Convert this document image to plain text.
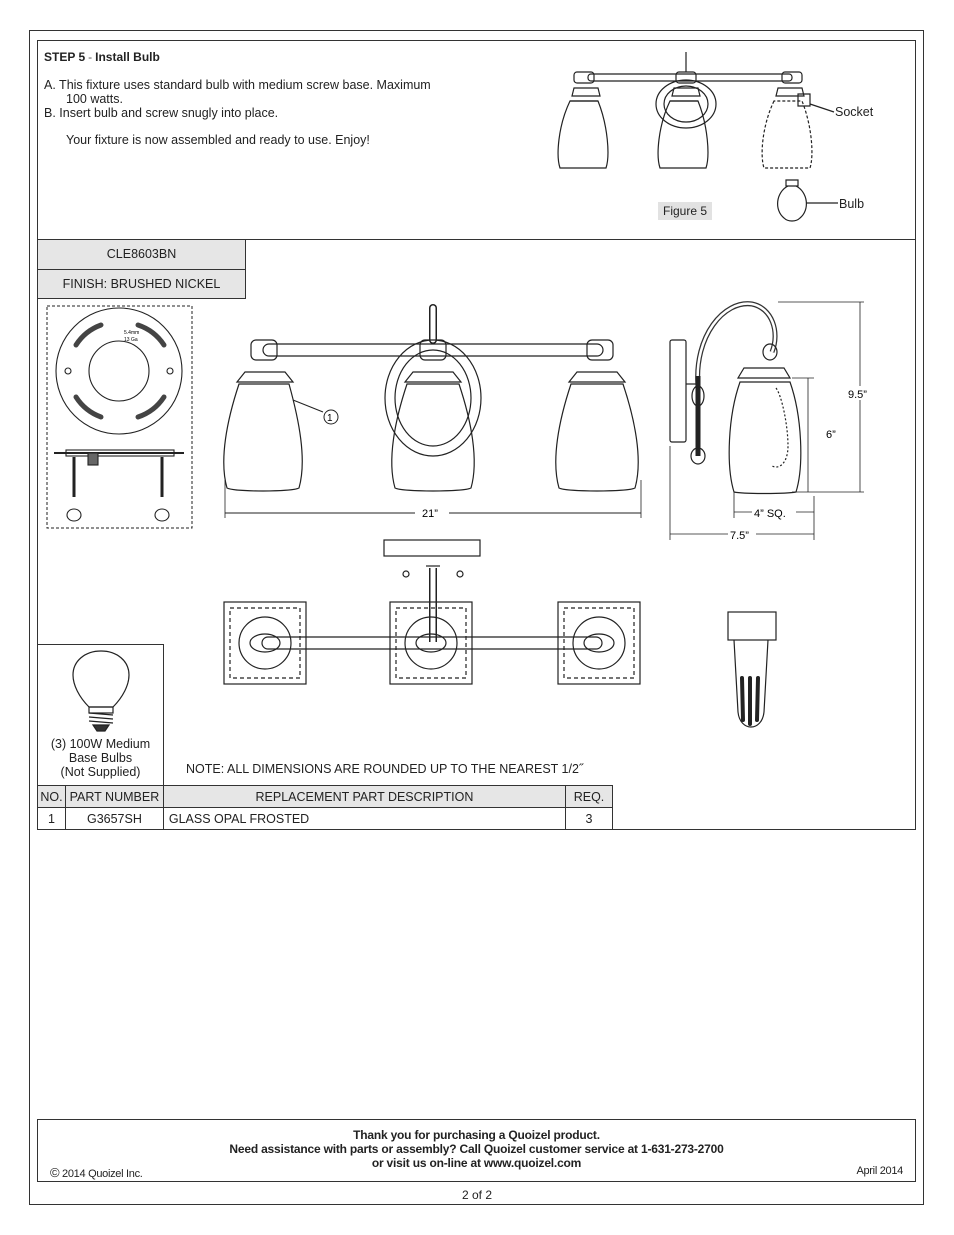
STEP 5 - Install Bulb
A. This fixture uses standard bulb with medium screw base. Maximum
100 watts.
B. Insert bulb and screw snugly into place.
Your fixture is now assembled and ready to use. Enjoy!
Socket
Bulb
Figure 5
CLE8603BN
FINISH: BRUSHED NICKEL
5.4mm
13 Ga
1
21”
9.5”
6”
4” SQ.
7.5”
(3) 100W Medium
Base Bulbs
(Not Supplied)	NOTE: ALL DIMENSIONS ARE ROUNDED UP TO THE NEAREST 1/2˝
NO.	PART NUMBER	REPLACEMENT PART DESCRIPTION	REQ.
1	G3657SH	GLASS OPAL FROSTED	3
Thank you for purchasing a Quoizel product.
Need assistance with parts or assembly? Call Quoizel customer service at 1-631-273-2700
or visit us on-line at www.quoizel.com
© 2014 Quoizel Inc.	April 2014
2 of 2
